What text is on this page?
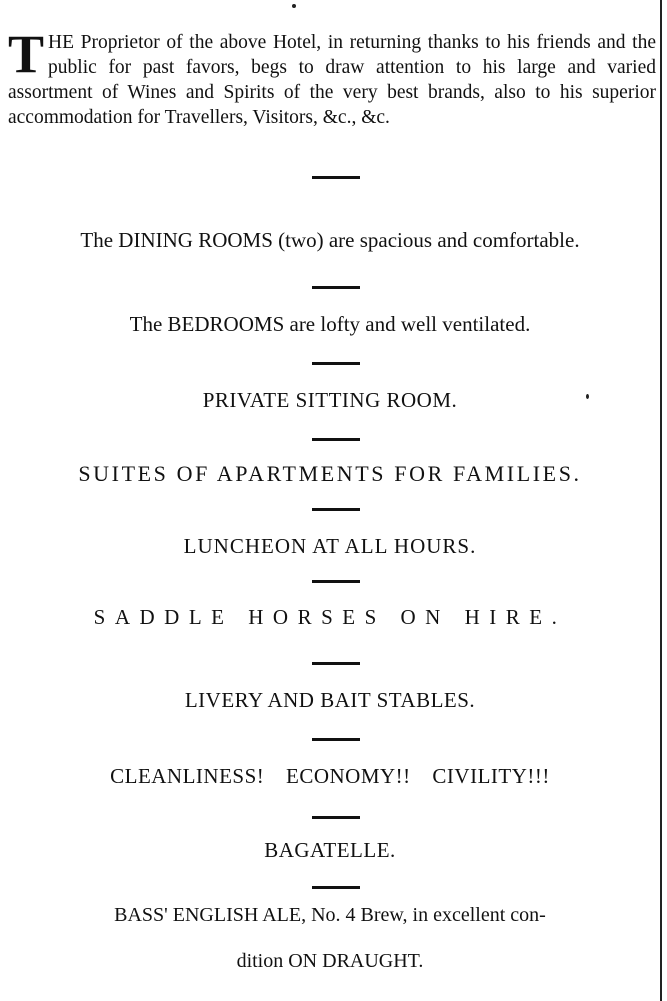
THE Proprietor of the above Hotel, in returning thanks to his friends and the public for past favors, begs to draw attention to his large and varied assortment of Wines and Spirits of the very best brands, also to his superior accommodation for Travellers, Visitors, &c., &c.

The DINING ROOMS (two) are spacious and comfortable.
The BEDROOMS are lofty and well ventilated.
PRIVATE SITTING ROOM.
SUITES OF APARTMENTS FOR FAMILIES.
LUNCHEON AT ALL HOURS.
SADDLE HORSES ON HIRE.
LIVERY AND BAIT STABLES.
CLEANLINESS! ECONOMY!! CIVILITY!!!
BAGATELLE.
BASS' ENGLISH ALE, No. 4 Brew, in excellent con-
dition ON DRAUGHT.
